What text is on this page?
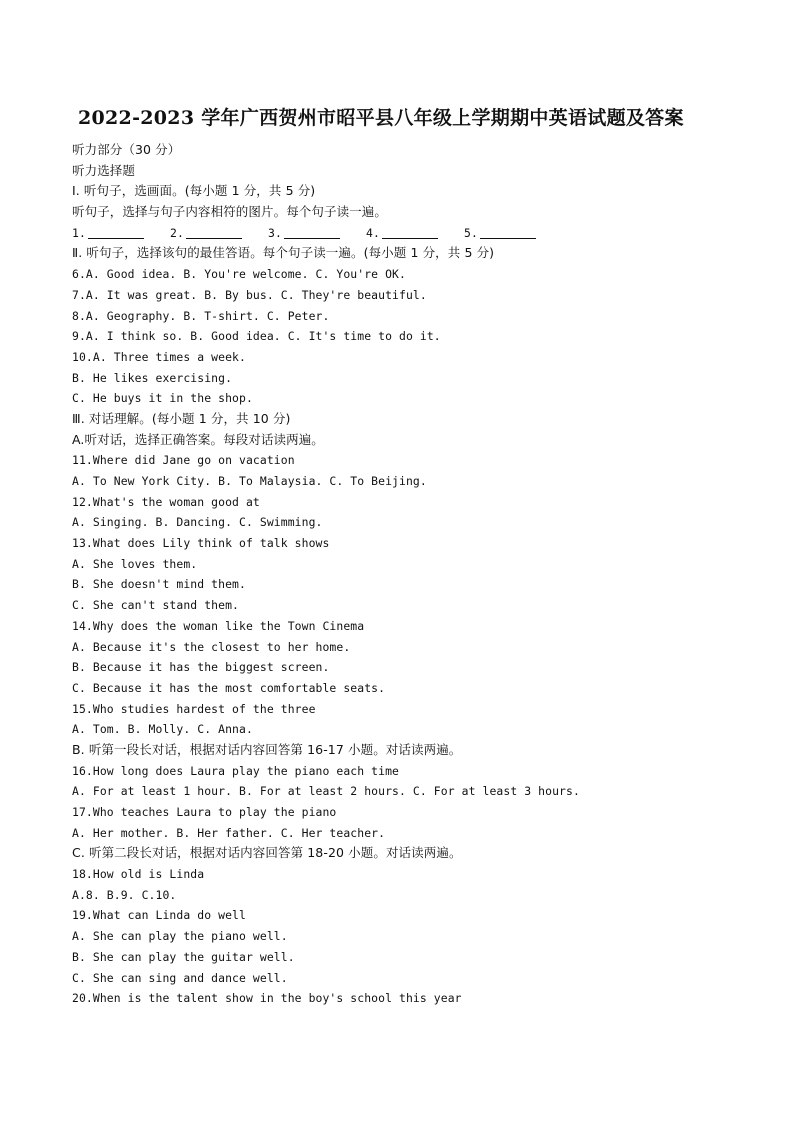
2022-2023 学年广西贺州市昭平县八年级上学期期中英语试题及答案
听力部分（30 分）
听力选择题
Ⅰ. 听句子，选画面。(每小题 1 分，共 5 分)
听句子，选择与句子内容相符的图片。每个句子读一遍。
1.	2.	3.	4.	5.
Ⅱ. 听句子，选择该句的最佳答语。每个句子读一遍。(每小题 1 分，共 5 分)
6.A. Good idea. B. You're welcome. C. You're OK.
7.A. It was great. B. By bus. C. They're beautiful.
8.A. Geography. B. T-shirt. C. Peter.
9.A. I think so. B. Good idea. C. It's time to do it.
10.A. Three times a week.
B. He likes exercising.
C. He buys it in the shop.
Ⅲ. 对话理解。(每小题 1 分，共 10 分)
A.听对话，选择正确答案。每段对话读两遍。
11.Where did Jane go on vacation
A. To New York City. B. To Malaysia. C. To Beijing.
12.What's the woman good at
A. Singing. B. Dancing. C. Swimming.
13.What does Lily think of talk shows
A. She loves them.
B. She doesn't mind them.
C. She can't stand them.
14.Why does the woman like the Town Cinema
A. Because it's the closest to her home.
B. Because it has the biggest screen.
C. Because it has the most comfortable seats.
15.Who studies hardest of the three
A. Tom. B. Molly. C. Anna.
B. 听第一段长对话，根据对话内容回答第 16-17 小题。对话读两遍。
16.How long does Laura play the piano each time
A. For at least 1 hour. B. For at least 2 hours. C. For at least 3 hours.
17.Who teaches Laura to play the piano
A. Her mother. B. Her father. C. Her teacher.
C. 听第二段长对话，根据对话内容回答第 18-20 小题。对话读两遍。
18.How old is Linda
A.8. B.9. C.10.
19.What can Linda do well
A. She can play the piano well.
B. She can play the guitar well.
C. She can sing and dance well.
20.When is the talent show in the boy's school this year
